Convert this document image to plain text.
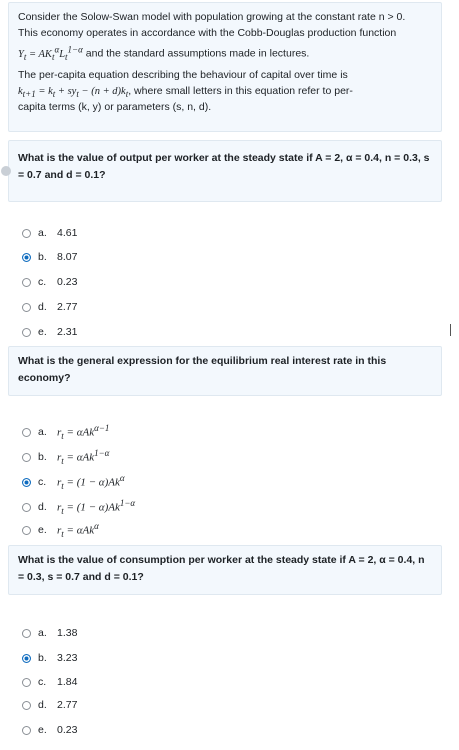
Consider the Solow-Swan model with population growing at the constant rate n > 0.

This economy operates in accordance with the Cobb-Douglas production function

$Y_t = AK_t^\alpha L_t^{1-\alpha}$ and the standard assumptions made in lectures.

The per-capita equation describing the behaviour of capital over time is

$k_{t+1} = k_t + sy_t - (n + d)k_t$, where small letters in this equation refer to per-

capita terms (k, y) or parameters (s, n, d).

What is the value of output per worker at the steady state if A = 2, α = 0.4, n = 0.3, s = 0.7 and d = 0.1?

a. 4.61
b. 8.07
c.	0.23
d. 2.77
e. 2.31

What is the general expression for the equilibrium real interest rate in this economy?

a. $r_t = \alpha Ak^{\alpha-1}$
b. $r_t = \alpha Ak^{1-\alpha}$
c. $r_t = (1 - \alpha)Ak^\alpha$
d. $r_t = (1 - \alpha)Ak^{1-\alpha}$
e. $r_t = \alpha Ak^\alpha$

What is the value of consumption per worker at the steady state if A = 2, α = 0.4, n = 0.3, s = 0.7 and d = 0.1?

a. 1.38
b. 3.23
c.	1.84
d. 2.77
e. 0.23
